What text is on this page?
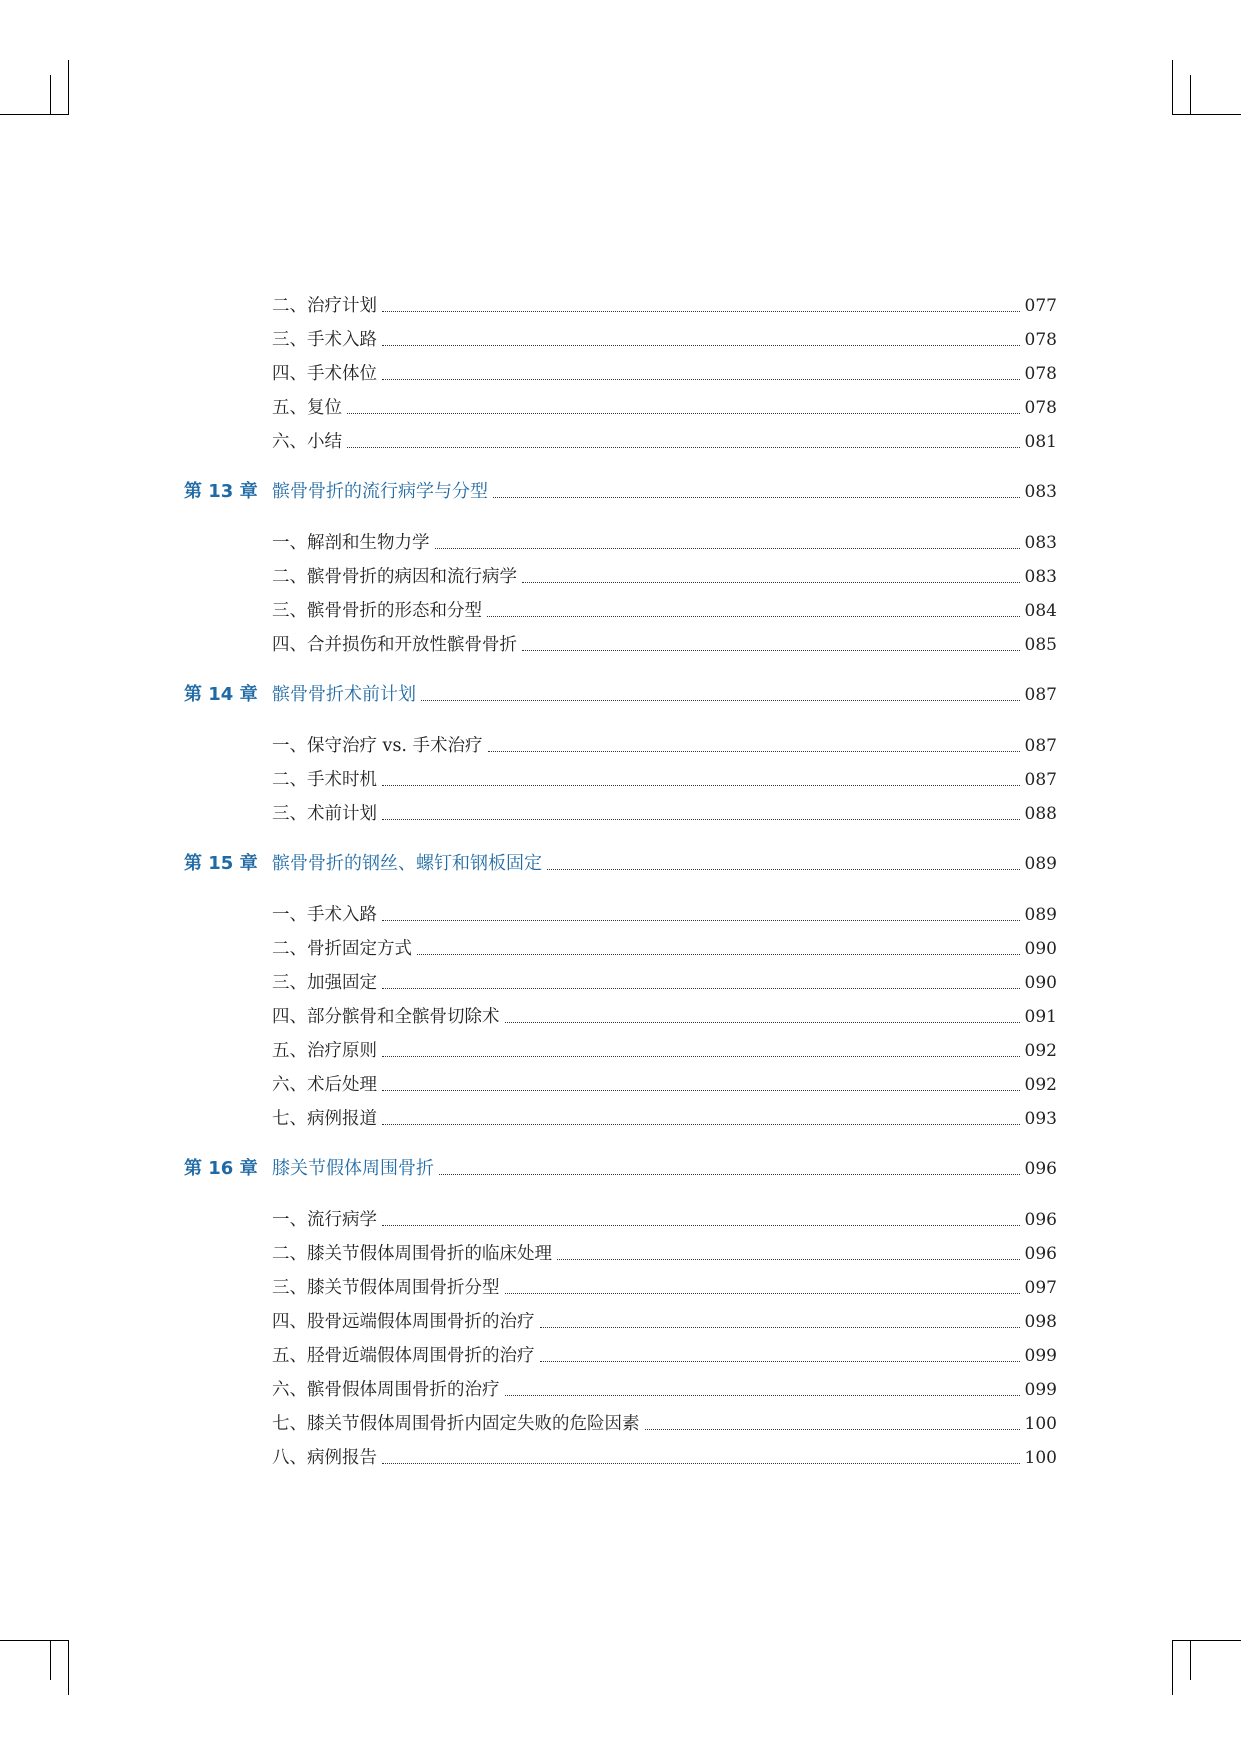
二、治疗计划	077
三、手术入路	078
四、手术体位	078
五、复位	078
六、小结	081
第 13 章 髌骨骨折的流行病学与分型	083
一、解剖和生物力学	083
二、髌骨骨折的病因和流行病学	083
三、髌骨骨折的形态和分型	084
四、合并损伤和开放性髌骨骨折	085
第 14 章 髌骨骨折术前计划	087
一、保守治疗 vs. 手术治疗	087
二、手术时机	087
三、术前计划	088
第 15 章 髌骨骨折的钢丝、螺钉和钢板固定	089
一、手术入路	089
二、骨折固定方式	090
三、加强固定	090
四、部分髌骨和全髌骨切除术	091
五、治疗原则	092
六、术后处理	092
七、病例报道	093
第 16 章 膝关节假体周围骨折	096
一、流行病学	096
二、膝关节假体周围骨折的临床处理	096
三、膝关节假体周围骨折分型	097
四、股骨远端假体周围骨折的治疗	098
五、胫骨近端假体周围骨折的治疗	099
六、髌骨假体周围骨折的治疗	099
七、膝关节假体周围骨折内固定失败的危险因素	100
八、病例报告	100
